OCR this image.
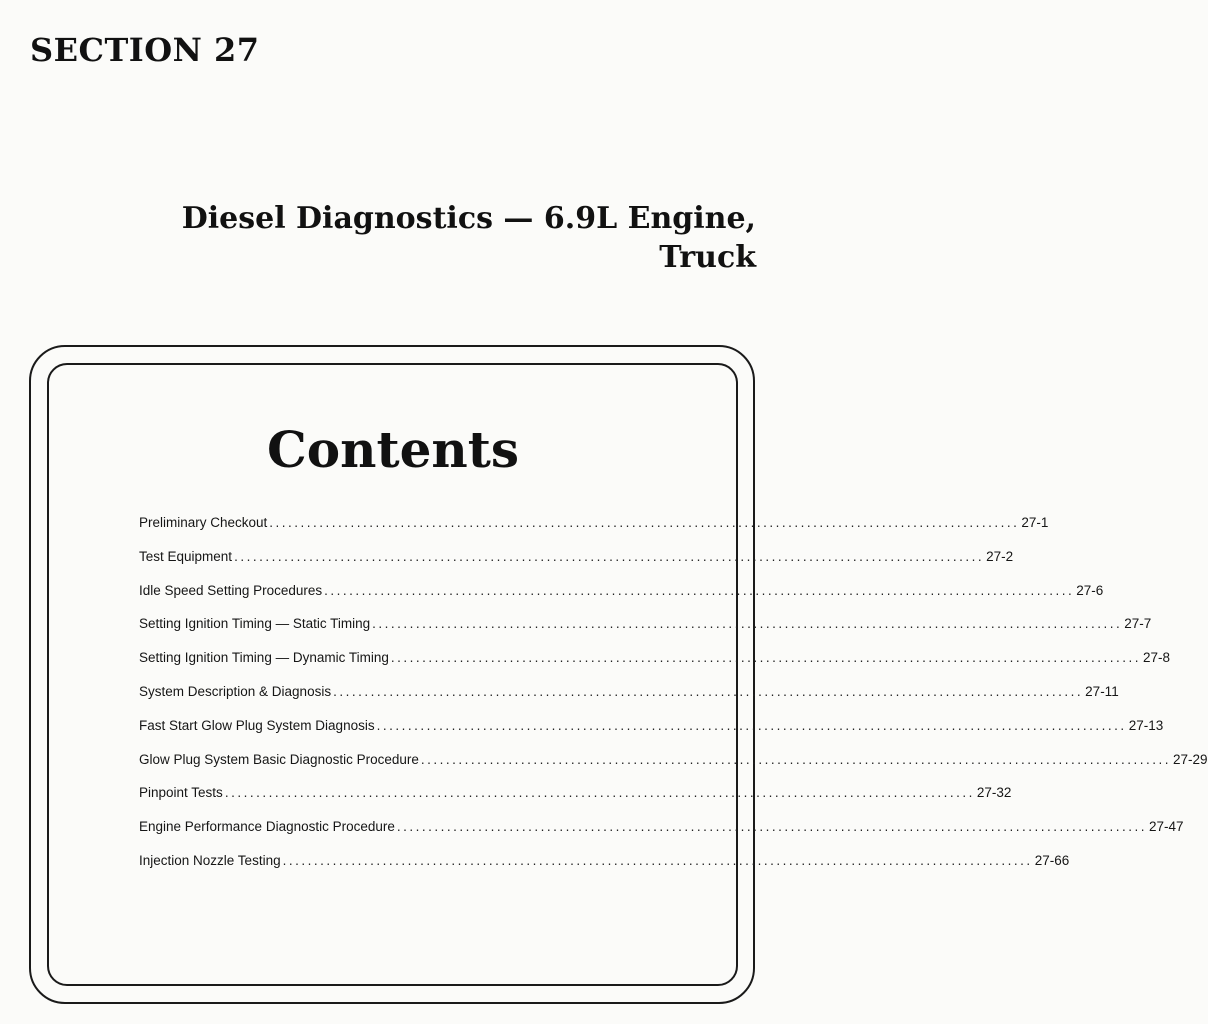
SECTION 27
Diesel Diagnostics — 6.9L Engine,
Truck
Contents
Preliminary Checkout ........................................................................................................................ 27-1
Test Equipment ........................................................................................................................ 27-2
Idle Speed Setting Procedures ........................................................................................................................ 27-6
Setting Ignition Timing — Static Timing ........................................................................................................................ 27-7
Setting Ignition Timing — Dynamic Timing ........................................................................................................................ 27-8
System Description & Diagnosis ........................................................................................................................ 27-11
Fast Start Glow Plug System Diagnosis ........................................................................................................................ 27-13
Glow Plug System Basic Diagnostic Procedure ........................................................................................................................ 27-29
Pinpoint Tests ........................................................................................................................ 27-32
Engine Performance Diagnostic Procedure ........................................................................................................................ 27-47
Injection Nozzle Testing ........................................................................................................................ 27-66
